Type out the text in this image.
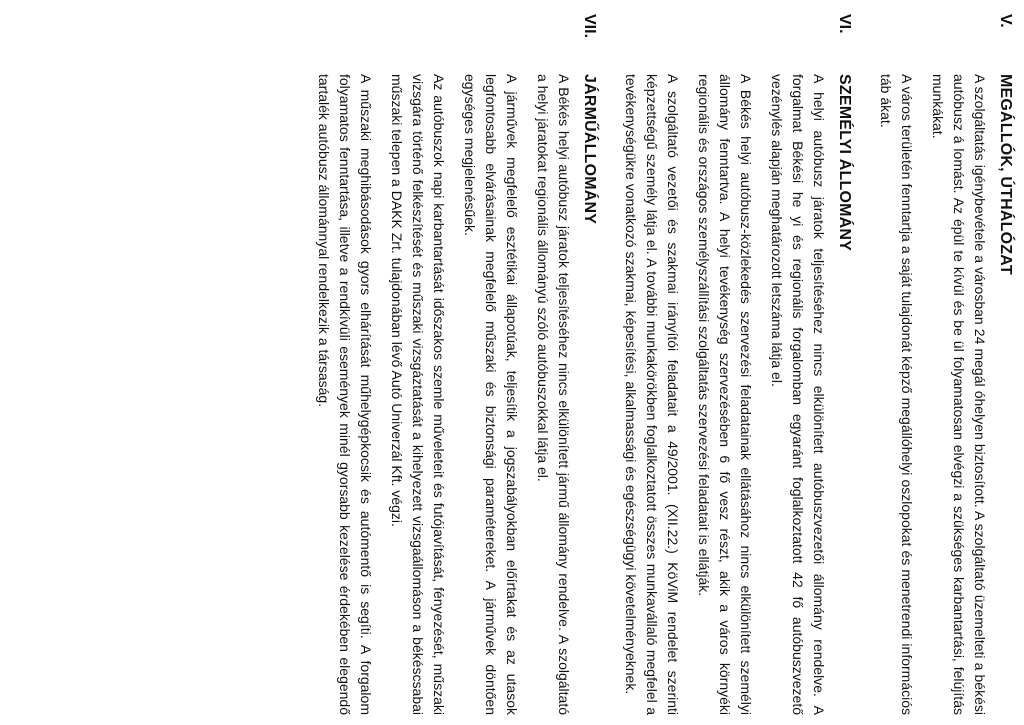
V.
MEGÁLLÓK, ÚTHÁLÓZAT

A szolgáltatás igénybevétele a városban 24 megál óhelyen biztosított. A szolgáltató üzemelteti a békési autóbusz á lomást. Az épül te kívül és be ül folyamatosan elvégzi a szükséges karbantartási, felújítás munkákat.

A város területén fenntartja a saját tulajdonát képző megállóhelyi oszlopokat és menetrendi információs táb ákat.

VI.
SZEMÉLYI ÁLLOMÁNY

A helyi autóbusz járatok teljesítéséhez nincs elkülönített autóbuszvezetői állomány rendelve. A forgalmat Békési he yi és regionális forgalomban egyaránt foglalkoztatott 42 fő autóbuszvezető vezénylés alapján meghatározott letszáma látja el.

A Békés helyi autóbusz-közlekedés szervezési feladatainak ellátásához nincs elkülönített személyi állomány fenntartva. A helyi tevékenység szervezésében 6 fő vesz részt, akik a város környéki regionális és országos személyszállítási szolgáltatás szervezési feladatait is ellátják.

A szolgáltató vezetői és szakmai irányítói feladatait a 49/2001. (XII.22.) KöViM rendelet szerinti képzettségű személy látja el. A további munkakörökben foglalkoztatott összes munkavállaló megfelel a tevékenységükre vonatkozó szakmai, képesítési, alkalmassági és egészségügyi követelményeknek.

VII.
JÁRMŰÁLLOMÁNY

A Békés helyi autóbusz járatok teljesítéséhez nincs elkülönített jármű állomány rendelve. A szolgáltató a helyi járatokat regionális állományú szóló autóbuszokkal látja el.

A járművek megfelelő esztétikai állapotúak, teljesítik a jogszabályokban előírtakat és az utasok legfontosabb elvárásainak megfelelő műszaki és biztonsági paramétereket. A járművek döntően egységes megjelenésűek.

Az autóbuszok napi karbantartását időszakos szemle műveleteit és futójavítását, fényezését, műszaki vizsgára történő felkészítését és műszaki vizsgáztatását a kihelyezett vizsgaállomáson a békéscsabai műszaki telepen a DAKK Zrt. tulajdonában lévő Autó Univerzál Kft. végzi.

A műszaki meghibásodások gyors elhárítását műhelygépkocsik és autómentő is segíti. A forgalom folyamatos fenntartása, illetve a rendkívüli események minél gyorsabb kezelése érdekében elegendő tartalék autóbusz állománnyal rendelkezik a társaság.
